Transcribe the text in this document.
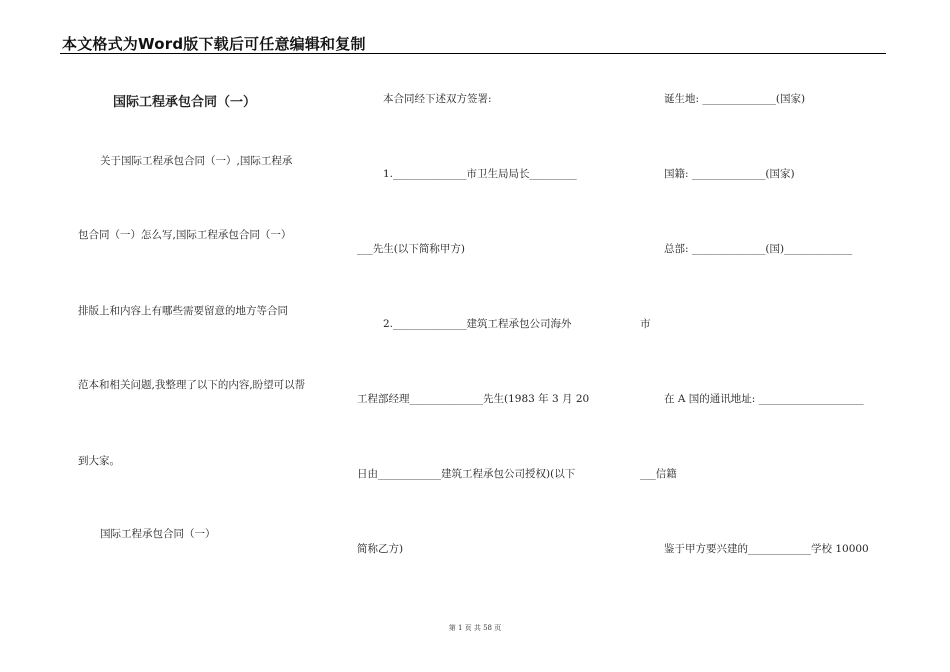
本文格式为Word版下载后可任意编辑和复制
国际工程承包合同（一）
关于国际工程承包合同（一）,国际工程承
包合同（一）怎么写,国际工程承包合同（一）
排版上和内容上有哪些需要留意的地方等合同
范本和相关问题,我整理了以下的内容,盼望可以帮
到大家。
国际工程承包合同（一）
本合同经下述双方签署:
1.______________市卫生局局长_________
___先生(以下简称甲方)
2.______________建筑工程承包公司海外	市
工程部经理______________先生(1983 年 3 月 20
日由____________建筑工程承包公司授权)(以下	___信籍
简称乙方)
诞生地: ______________(国家)
国籍: ______________(国家)
总部: ______________(国)_____________
在 A 国的通讯地址: ____________________
鉴于甲方要兴建的____________学校 10000
第 1 页 共 58 页
